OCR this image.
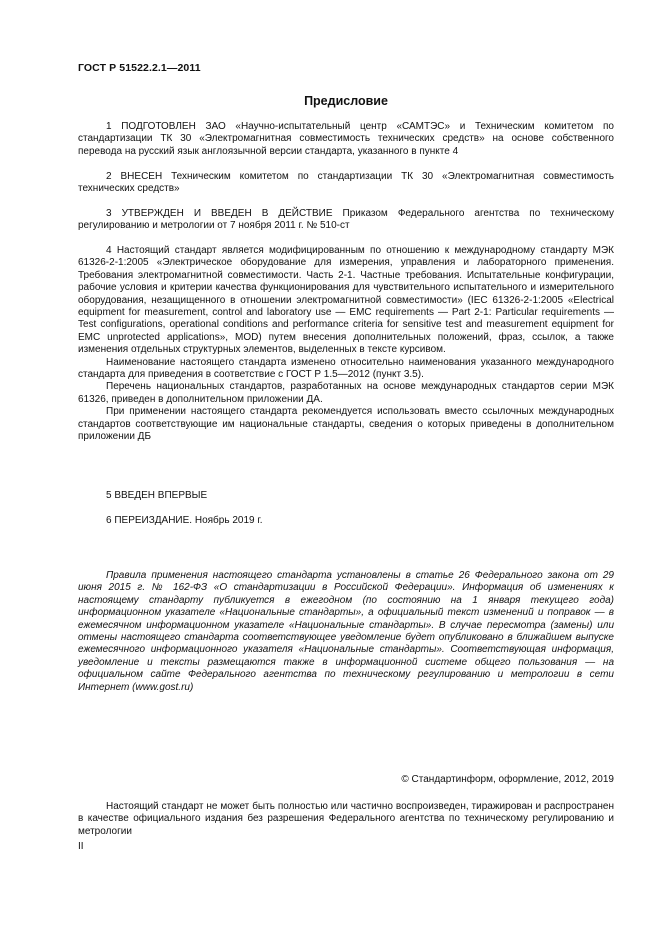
ГОСТ Р 51522.2.1—2011
Предисловие

1 ПОДГОТОВЛЕН ЗАО «Научно-испытательный центр «САМТЭС» и Техническим комитетом по стандартизации ТК 30 «Электромагнитная совместимость технических средств» на основе собственного перевода на русский язык англоязычной версии стандарта, указанного в пункте 4

2 ВНЕСЕН Техническим комитетом по стандартизации ТК 30 «Электромагнитная совместимость технических средств»

3 УТВЕРЖДЕН И ВВЕДЕН В ДЕЙСТВИЕ Приказом Федерального агентства по техническому регулированию и метрологии от 7 ноября 2011 г. № 510-ст

4 Настоящий стандарт является модифицированным по отношению к международному стандарту МЭК 61326-2-1:2005 «Электрическое оборудование для измерения, управления и лабораторного применения. Требования электромагнитной совместимости. Часть 2-1. Частные требования. Испытательные конфигурации, рабочие условия и критерии качества функционирования для чувствительного испытательного и измерительного оборудования, незащищенного в отношении электромагнитной совместимости» (IEC 61326-2-1:2005 «Electrical equipment for measurement, control and laboratory use — EMC requirements — Part 2-1: Particular requirements — Test configurations, operational conditions and performance criteria for sensitive test and measurement equipment for EMC unprotected applications», MOD) путем внесения дополнительных положений, фраз, ссылок, а также изменения отдельных структурных элементов, выделенных в тексте курсивом.

Наименование настоящего стандарта изменено относительно наименования указанного международного стандарта для приведения в соответствие с ГОСТ Р 1.5—2012 (пункт 3.5).

Перечень национальных стандартов, разработанных на основе международных стандартов серии МЭК 61326, приведен в дополнительном приложении ДА.

При применении настоящего стандарта рекомендуется использовать вместо ссылочных международных стандартов соответствующие им национальные стандарты, сведения о которых приведены в дополнительном приложении ДБ

5 ВВЕДЕН ВПЕРВЫЕ

6 ПЕРЕИЗДАНИЕ. Ноябрь 2019 г.

Правила применения настоящего стандарта установлены в статье 26 Федерального закона от 29 июня 2015 г. № 162-ФЗ «О стандартизации в Российской Федерации». Информация об изменениях к настоящему стандарту публикуется в ежегодном (по состоянию на 1 января текущего года) информационном указателе «Национальные стандарты», а официальный текст изменений и поправок — в ежемесячном информационном указателе «Национальные стандарты». В случае пересмотра (замены) или отмены настоящего стандарта соответствующее уведомление будет опубликовано в ближайшем выпуске ежемесячного информационного указателя «Национальные стандарты». Соответствующая информация, уведомление и тексты размещаются также в информационной системе общего пользования — на официальном сайте Федерального агентства по техническому регулированию и метрологии в сети Интернет (www.gost.ru)

© Стандартинформ, оформление, 2012, 2019

Настоящий стандарт не может быть полностью или частично воспроизведен, тиражирован и распространен в качестве официального издания без разрешения Федерального агентства по техническому регулированию и метрологии

II
